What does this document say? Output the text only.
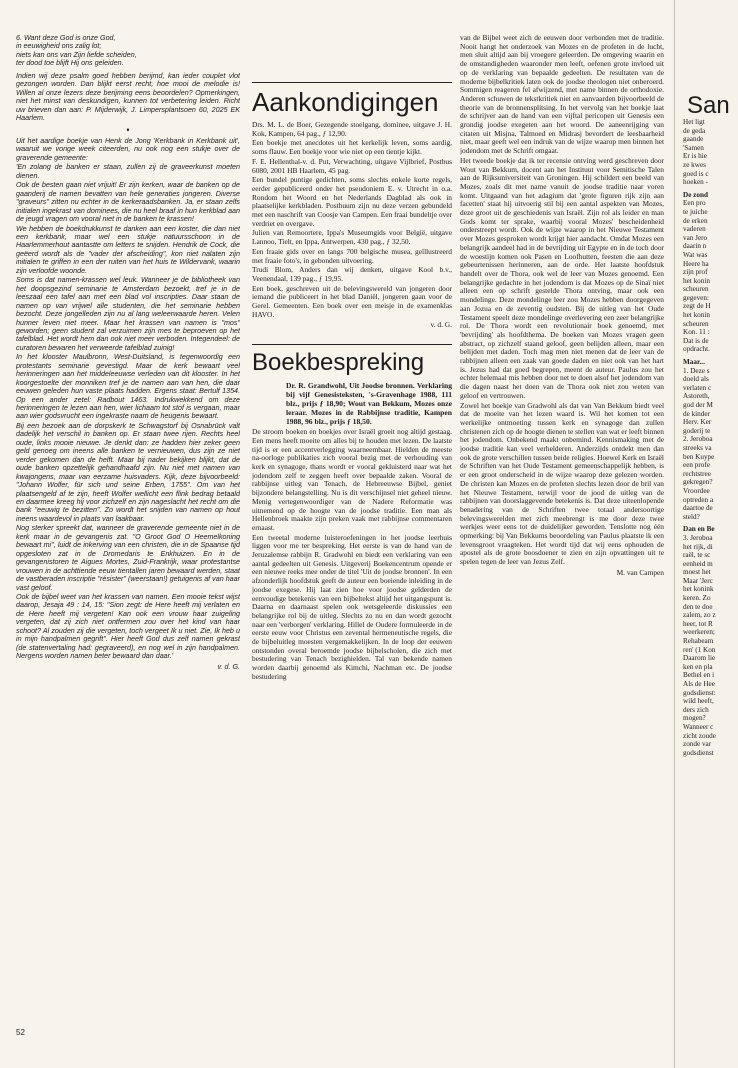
6. Want deze God is onze God,

in eeuwigheid ons zalig lot;

niets kan ons van Zijn liefde scheiden,

ter dood toe blijft Hij ons geleiden.

Indien wij deze psalm goed hebben berijmd, kan ieder couplet vlot gezongen worden. Dan blijkt eerst recht, hoe mooi de melodie is! Willen al onze lezers deze berijming eens beoordelen? Opmerkingen, niet het minst van deskundigen, kunnen tot verbetering leiden. Richt uw brieven dan aan: P. Mijderwijk, J. Limpersplantsoen 60, 2025 EK Haarlem.

•

Uit het aardige boekje van Henk de Jong 'Kerkbank in Kerkbank uit', waaruit we vorige week citeerden, nu ook nog een stukje over de graverende gemeente:

'En zolang de banken er staan, zullen zij de graveerkunst moeten dienen.

Ook de besten gaan niet vrijuit! Er zijn kerken, waar de banken op de gaanderij de namen bevatten van hele generaties jongeren. Diverse "graveurs" zitten nu echter in de kerkeraadsbanken. Ja, er staan zelfs initialen ingekrast van dominees, die nu heel braaf in hun kerkblad aan de jeugd vragen om vooral niet in de banken te krassen!

We hebben de boekdrukkunst te danken aan een koster, die dan niet een kerkbank, maar wel een stukje natuursschoon in de Haarlemmerhout aantastte om letters te snijden. Hendrik de Cock, die geëerd wordt als de "vader der afscheiding", kon niet nalaten zijn initialen te griffen in een der ruiten van het huis te Wildervank, waarin zijn verloofde woonde.

Soms is dat namen-krassen wel leuk. Wanneer je de bibliotheek van het doopsgezind seminarie te Amsterdam bezoekt, tref je in de leeszaal een tafel aan met een blad vol inscripties. Daar staan de namen op van vrijwel alle studenten, die het seminarie hebben bezocht. Deze jongelleden zijn nu al lang weleerwaarde heren. Velen hunner leven niet meer. Maar het krassen van namen is "mos" geworden; geen student zal verzuimen zijn mes te beproeven op het tafelblad. Het wordt hem dan ook niet meer verboden. Integendeel: de curatoren bewaren het verweerde tafelblad zuinig!

In het klooster Maulbronn, West-Duitsland, is tegenwoordig een protestants seminarie gevestigd. Maar de kerk bewaart veel herinneringen aan het middeleeuwse verleden van dit klooster. In het koorgestoelte der monniken tref je de namen aan van hen, die daar eeuwen geleden hun vaste plaats hadden. Ergens staat: Bertulf 1354. Op een ander zetel: Radbout 1463. Indrukwekkend om deze herinneringen te lezen aan hen, wier lichaam tot stof is vergaan, maar aan wier godsvrucht een ingekraste naam de heugenis bewaart.

Bij een bezoek aan de dorpskerk te Schwagstorf bij Osnabrück valt dadelijk het verschil in banken op. Er staan twee rijen. Rechts heel oude, links mooie nieuwe. Je denkt dan: ze hadden hier zeker geen geld genoeg om ineens alle banken te vernieuwen, dus zijn ze niet verder gekomen dan de helft. Maar bij nader bekijken blijkt, dat de oude banken opzettelijk gehandhaafd zijn. Nu niet met namen van kwajongens, maar van eerzame huisvaders. Kijk, deze bijvoorbeeld: "Johann Wolfer, für sich und seine Erben, 1755". Om van het plaatsengeld af te zijn, heeft Wolfer wellicht een flink bedrag betaald en daarmee kreeg hij voor zichzelf en zijn nageslacht het recht om die bank "eeuwig te bezitten". Zo wordt het snijden van namen op hout ineens waardevol in plaats van laakbaar.

Nog sterker spreekt dat, wanneer de graverende gemeente niet in de kerk maar in de gevangenis zat. "O Groot God O Heemelkoning bewaart mi", luidt de inkerving van een christen, die in de Spaanse tijd opgesloten zat in de Dromedaris te Enkhuizen. En in de gevangenistoren te Aigues Mortes, Zuid-Frankrijk, waar protestantse vrouwen in de achttiende eeuw tientallen jaren bewaard werden, staat de vastberaden inscriptie "résister" (weerstaan!) getuigenis af van haar vast geloof.

Ook de bijbel weet van het krassen van namen. Een mooie tekst wijst daarop, Jesaja 49 : 14, 15: "Sion zegt: de Here heeft mij verlaten en de Here heeft mij vergeten! Kan ook een vrouw haar zuigeling vergeten, dat zij zich niet ontfermen zou over het kind van haar schoot? Al zouden zij die vergeten, toch vergeet Ik u niet. Zie, Ik heb u in mijn handpalmen gegrift". Hier heeft God dus zelf namen gekrast (de statenvertaling had: gegraveerd), en nog wel in zijn handpalmen. Nergens worden namen beter bewaard dan daar.'

v. d. G.

Aankondigingen

Drs. M. L. de Boer, Gezegende stoelgang, dominee, uitgave J. H. Kok, Kampen, 64 pag., ƒ 12,90.

Een boekje met anecdotes uit het kerkelijk leven, soms aardig, soms flauw. Een boekje voor wie niet op een tientje kijkt.

F. E. Hellenthal-v. d. Put, Verwachting, uitgave Vijlbrief, Postbus 6080, 2001 HB Haarlem, 45 pag.

Een bundel puntige gedichten, soms slechts enkele korte regels, eerder gepubliceerd onder het pseudoniem E. v. Utrecht in o.a. Rondom het Woord en het Nederlands Dagblad als ook in plaatselijke kerkbladen. Posthuum zijn nu deze verzen gebundeld met een naschrift van Coosje van Campen. Een fraai bundeltje over verdriet en overgave.

Julien van Remoortere, Ippa's Museumgids voor België, uitgave Lannoo, Tielt, en Ippa, Antwerpen, 430 pag., ƒ 32,50.

Een fraaie gids over en langs 700 belgische musea, geïllustreerd met fraaie foto's, in gebonden uitvoering.

Trudi Blom, Anders dan wij denken, uitgave Kool b.v., Veenendaal, 139 pag., ƒ 19,95.

Een boek, geschreven uit de belevingswereld van jongeren door iemand die publiceert in het blad Daniël, jongeren gaan voor de Gerel. Gemeenten. Een boek over een meisje in de examenklas HAVO.

v. d. G.

Boekbespreking

Dr. R. Grandwohl, Uit Joodse bronnen. Verklaring bij vijf Genesisteksten, 's-Gravenhage 1988, 111 blz., prijs ƒ 18,90; Wout van Bekkum, Mozes onze leraar. Mozes in de Rabbijnse traditie, Kampen 1988, 96 blz., prijs ƒ 18,50.

De stroom boeken en boekjes over Israël groeit nog altijd gestaag. Een mens heeft moeite om alles bij te houden met lezen. De laatste tijd is er een accentverlegging waarneembaar. Hielden de meeste na-oorloge publikaties zich vooral bezig met de verhouding van kerk en synagoge, thans wordt er vooral gekluisterd naar wat het jodendom zelf te zeggen heeft over bepaalde zaken. Vooral de rabbijnse uitleg van Tenach, de Hebreeuwse Bijbel, geniet bijzondere belangstelling. Nu is dit verschijnsel niet geheel nieuw. Menig vertegenwoordiger van de Nadere Reformatie was uitnemend op de hoogte van de joodse traditie. Een man als Hellenbroek maakte zijn preken vaak met rabbijnse commentaren ernaast.

Een tweetal moderne luisteroefeningen in het joodse leerhuis liggen voor me ter bespreking. Het eerste is van de hand van de Jeruzalemse rabbijn R. Gradwohl en biedt een verklaring van een aantal gedeelten uit Genesis. Uitgeverij Boekencentrum opende er een nieuwe reeks mee onder de titel 'Uit de joodse bronnen'. In een afzonderlijk hoofdstuk geeft de auteur een boeiende inleiding in de joodse exegese. Hij laat zien hoe voor joodse gelderden de eenvoudige betekenis van een bijbeltekst altijd het uitgangspunt is. Daarna en daarnaast spelen ook wetsgeleerde diskussies een belangrijke rol bij de uitleg. Slechts zo nu en dan wordt gezocht naar een 'verborgen' verklaring. Hillel de Oudere formuleerde in de eerste eeuw voor Christus een zevental hermeneutische regels, die de bijbeluitleg moesten vergemakkelijken. In de loop der eeuwen ontstonden overal beroemde joodse bijbelscholen, die zich met bestudering van Tenach bezighielden. Tal van bekende namen worden daarbij genoemd als Kimchi, Nachman etc. De joodse bestudering

van de Bijbel weet zich de eeuwen door verbonden met de traditie. Nooit hangt het onderzoek van Mozes en de profeten in de lucht, men sluit altijd aan bij vroegere geleerden. De omgeving waarin en de omstandigheden waaronder men leeft, oefenen grote invloed uit op de verklaring van bepaalde gedeelten. De resultaten van de moderne bijbelkritiek laten ook de joodse theologen niet onberoerd. Sommigen reageren fel afwijzend, met name binnen de orthodoxie. Anderen schuwen de tekstkritiek niet en aanvaarden bijvoorbeeld de theorie van de bronnensplitsing. In het vervolg van het boekje laat de schrijver aan de hand van een vijftal pericopen uit Genesis een grondig joodse exegeten aan het woord. De aaneenrijging van citaten uit Misjna, Talmoed en Midrasj bevordert de leesbaarheid niet, maar geeft wel een indruk van de wijze waarop men binnen het jodendom met de Schrift omgaat.

Het tweede boekje dat ik ter recensie ontving werd geschreven door Wout van Bekkum, docent aan het Instituut voor Semitische Talen aan de Rijksuniversiteit van Groningen. Hij schildert een beeld van Mozes, zoals dit met name vanuit de joodse traditie naar voren komt. Uitgaand van het adagium dat 'grote figuren rijk zijn aan facetten' staat hij uitvoerig stil bij een aantal aspekten van Mozes, deze groot uit de geschiedenis van Israël. Zijn rol als leider en man Gods komt ter sprake, waarbij vooral Mozes' bescheidenheid onderstreept wordt. Ook de wijze waarop in het Nieuwe Testament over Mozes gesproken wordt krijgt hier aandacht. Omdat Mozes een belangrijk aandeel had in de bevrijding uit Egypte en in de toch door de woestijn komen ook Pasen en Loofhutten, feesten die aan deze gebeurtenissen herinneren, aan de orde. Het laatste hoofdstuk handelt over de Thora, ook wel de leer van Mozes genoemd. Een belangrijke gedachte in het jodendom is dat Mozes op de Sinaï niet alleen een op schrift gestelde Thora ontving, maar ook een mondelinge. Deze mondelinge leer zou Mozes hebben doorgegeven aan Jozua en de zeventig oudsten. Bij de uitleg van het Oude Testament speelt deze mondelinge overlevering een zeer belangrijke rol. De Thora wordt een revolutionair boek genoemd, met 'bevrijding' als hoofdthema. De boeken van Mozes vragen geen abstract, op zichzelf staand geloof, geen belijden alleen, maar een belijden met daden. Toch mag men niet menen dat de leer van de rabbijnen alleen een zaak van goede daden en niet ook van het hart is. Jezus had dat goed begrepen, meent de auteur. Paulus zou het echter helemaal mis hebben door net te doen alsof het jodendom van die dagen naast het doen van de Thora ook niet zou weten van geloof en vertrouwen.

Zowel het boekje van Gradwohl als dat van Van Bekkum biedt veel dat de moeite van het lezen waard is. Wil het komen tot een werkelijke ontmoeting tussen kerk en synagoge dan zullen christenen zich op de hoogte dienen te stellen van wat er leeft binnen het jodendom. Onbekend maakt onbemind. Kennismaking met de joodse traditie kan veel verhelderen. Anderzijds ontdekt men dan ook de grote verschillen tussen beide religies. Hoewel Kerk en Israël de Schriften van het Oude Testament gemeenschappelijk hebben, is er een groot onderscheid in de wijze waarop deze gelezen worden. De christen kan Mozes en de profeten slechts lezen door de bril van het Nieuwe Testament, terwijl voor de jood de uitleg van de rabbijnen van doorslaggevende betekenis is. Dat deze uiteenlopende benadering van de Schriften twee totaal andersoortige belevingswerelden met zich meebrengt is me door deze twee werkjes weer eens tot de duidelijker geworden. Tenslotte nog één opmerking: bij Van Bekkums beoordeling van Paulus plaatste ik een levensgroot vraagteken. Het wordt tijd dat wij eens ophouden de apostel als de grote boosdoener te zien en zijn opvattingen uit te spelen tegen de leer van Jezus Zelf.

M. van Campen

52
San
Het ligt
de geda
gaande
'Samen
Er is hie
ze kwes
goed is c
hoeken -
De zond
Een pro
te juiche
de erken
vaderen
van Jero
daarin n
Wat was
Heere ha
zijn prof
het konin
scheuren
gegeven:
zegt de H
het konin
scheuren
Kon. 11 :
Dat is de
opdracht.
Maar...
1. Deze s
doeld als
verlaten c
Astoreth,
god der M
de kinder
Herv. Ker
goderij te
2. Jeroboa
streeks va
ben Kuype
een profe
rechtstree
gekregen?
Vroordee
optreden a
daartoe de
steld?
Dan en Be
3. Jeroboa
het rijk, di
raël, te sc
eenheid m
moest het
Maar 'Jerc
het konink
keren. Zo
den te doe
zalem, zo z
heer, tot R
weerkeren;
Rehabeam
ren' (1 Kon
Daarom lie
ken en pla
Bethel en i
Als de Hee
godsdienst:
wild heeft,
ders zich
mogen?
Wanneer c
zicht zoude
zonde var
godsdienst
